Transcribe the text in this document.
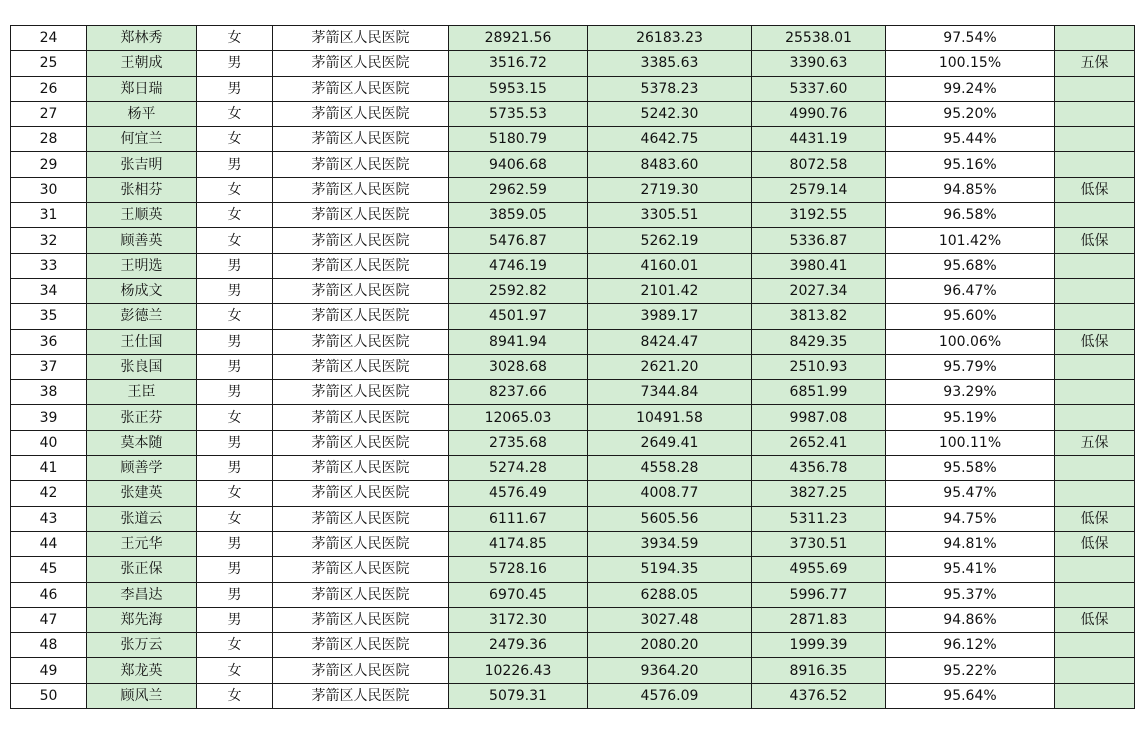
24	郑林秀	女	茅箭区人民医院	28921.56	26183.23	25538.01	97.54%	
25	王朝成	男	茅箭区人民医院	3516.72	3385.63	3390.63	100.15%	五保
26	郑日瑞	男	茅箭区人民医院	5953.15	5378.23	5337.60	99.24%	
27	杨平	女	茅箭区人民医院	5735.53	5242.30	4990.76	95.20%	
28	何宜兰	女	茅箭区人民医院	5180.79	4642.75	4431.19	95.44%	
29	张吉明	男	茅箭区人民医院	9406.68	8483.60	8072.58	95.16%	
30	张相芬	女	茅箭区人民医院	2962.59	2719.30	2579.14	94.85%	低保
31	王顺英	女	茅箭区人民医院	3859.05	3305.51	3192.55	96.58%	
32	顾善英	女	茅箭区人民医院	5476.87	5262.19	5336.87	101.42%	低保
33	王明选	男	茅箭区人民医院	4746.19	4160.01	3980.41	95.68%	
34	杨成文	男	茅箭区人民医院	2592.82	2101.42	2027.34	96.47%	
35	彭德兰	女	茅箭区人民医院	4501.97	3989.17	3813.82	95.60%	
36	王仕国	男	茅箭区人民医院	8941.94	8424.47	8429.35	100.06%	低保
37	张良国	男	茅箭区人民医院	3028.68	2621.20	2510.93	95.79%	
38	王臣	男	茅箭区人民医院	8237.66	7344.84	6851.99	93.29%	
39	张正芬	女	茅箭区人民医院	12065.03	10491.58	9987.08	95.19%	
40	莫本随	男	茅箭区人民医院	2735.68	2649.41	2652.41	100.11%	五保
41	顾善学	男	茅箭区人民医院	5274.28	4558.28	4356.78	95.58%	
42	张建英	女	茅箭区人民医院	4576.49	4008.77	3827.25	95.47%	
43	张道云	女	茅箭区人民医院	6111.67	5605.56	5311.23	94.75%	低保
44	王元华	男	茅箭区人民医院	4174.85	3934.59	3730.51	94.81%	低保
45	张正保	男	茅箭区人民医院	5728.16	5194.35	4955.69	95.41%	
46	李昌达	男	茅箭区人民医院	6970.45	6288.05	5996.77	95.37%	
47	郑先海	男	茅箭区人民医院	3172.30	3027.48	2871.83	94.86%	低保
48	张万云	女	茅箭区人民医院	2479.36	2080.20	1999.39	96.12%	
49	郑龙英	女	茅箭区人民医院	10226.43	9364.20	8916.35	95.22%	
50	顾风兰	女	茅箭区人民医院	5079.31	4576.09	4376.52	95.64%	
